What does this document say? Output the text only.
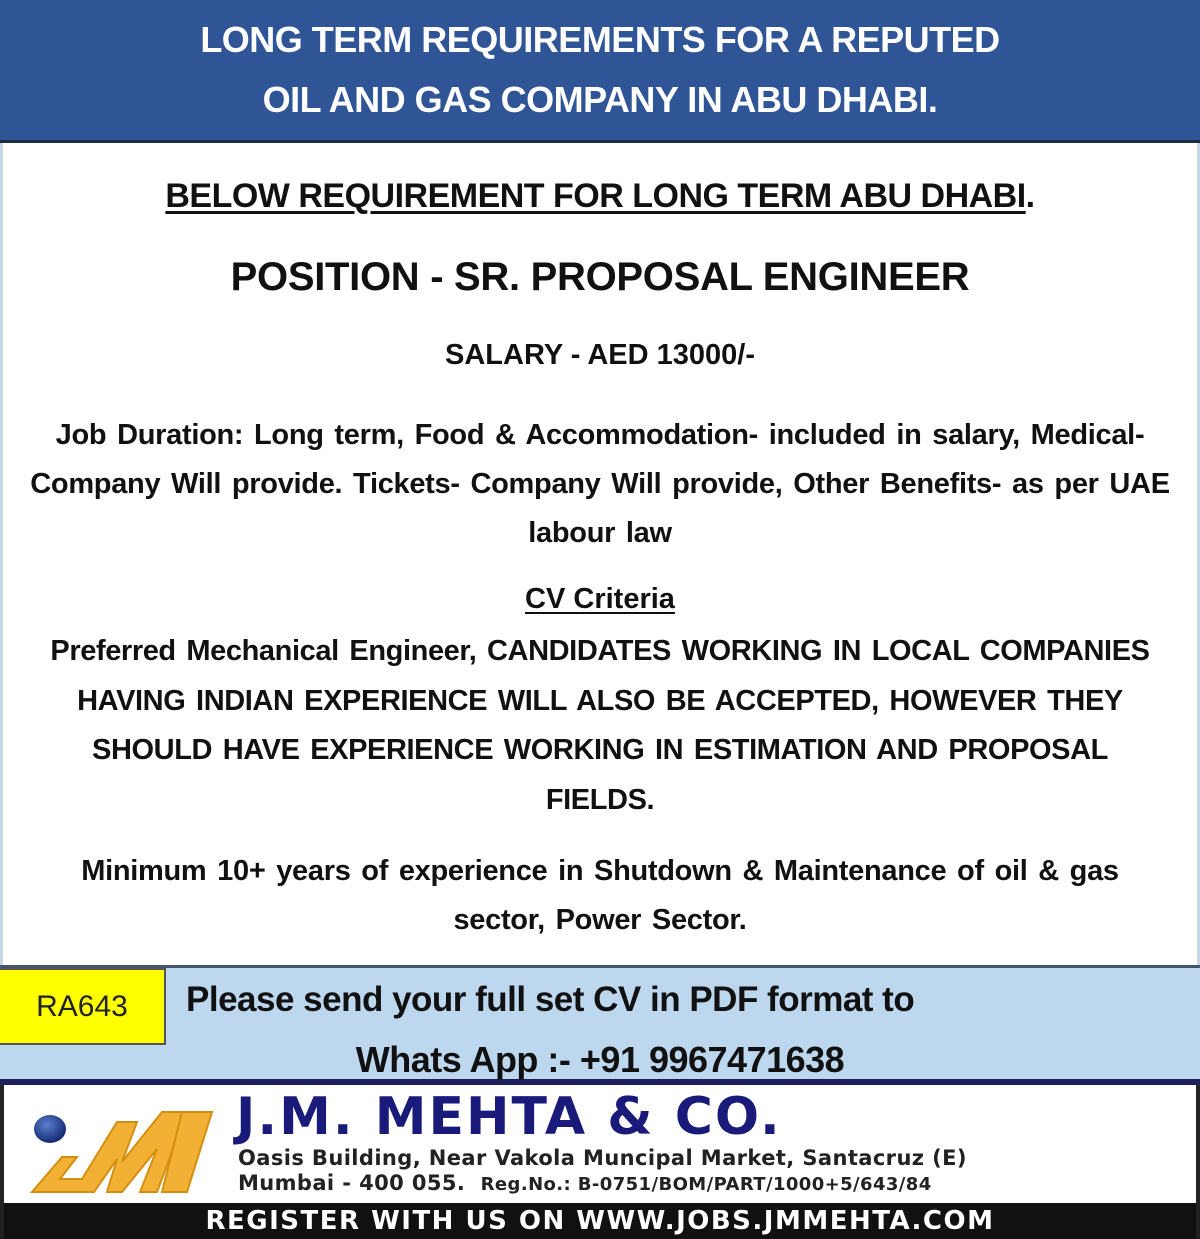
LONG TERM REQUIREMENTS FOR A REPUTED
OIL AND GAS COMPANY IN ABU DHABI.
BELOW REQUIREMENT FOR LONG TERM ABU DHABI.
POSITION - SR. PROPOSAL ENGINEER
SALARY - AED 13000/-
Job Duration: Long term, Food & Accommodation- included in salary, Medical- Company Will provide. Tickets- Company Will provide, Other Benefits- as per UAE labour law
CV Criteria
Preferred Mechanical Engineer, CANDIDATES WORKING IN LOCAL COMPANIES HAVING INDIAN EXPERIENCE WILL ALSO BE ACCEPTED, HOWEVER THEY SHOULD HAVE EXPERIENCE WORKING IN ESTIMATION AND PROPOSAL FIELDS.
Minimum 10+ years of experience in Shutdown & Maintenance of oil & gas sector, Power Sector.
RA643	Please send your full set CV in PDF format to
Whats App :- +91 9967471638
J.M. MEHTA & CO.
Oasis Building, Near Vakola Muncipal Market, Santacruz (E)
Mumbai - 400 055. Reg.No.: B-0751/BOM/PART/1000+5/643/84
REGISTER WITH US ON WWW.JOBS.JMMEHTA.COM
